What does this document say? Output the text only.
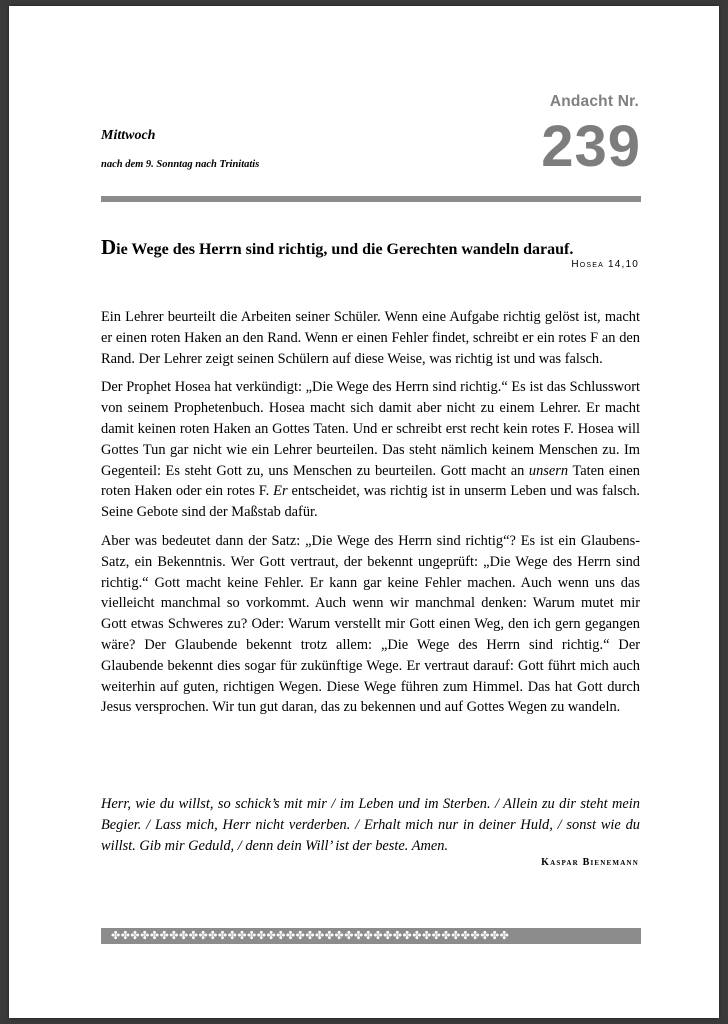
Andacht Nr.
239
Mittwoch
nach dem 9. Sonntag nach Trinitatis
Die Wege des Herrn sind richtig, und die Gerechten wandeln darauf.
Hosea 14,10

Ein Lehrer beurteilt die Arbeiten seiner Schüler. Wenn eine Aufgabe richtig gelöst ist, macht er einen roten Haken an den Rand. Wenn er einen Fehler findet, schreibt er ein rotes F an den Rand. Der Lehrer zeigt seinen Schülern auf diese Weise, was richtig ist und was falsch.

Der Prophet Hosea hat verkündigt: „Die Wege des Herrn sind richtig.“ Es ist das Schlusswort von seinem Prophetenbuch. Hosea macht sich damit aber nicht zu einem Lehrer. Er macht damit keinen roten Haken an Gottes Taten. Und er schreibt erst recht kein rotes F. Hosea will Gottes Tun gar nicht wie ein Lehrer beurteilen. Das steht nämlich keinem Menschen zu. Im Gegenteil: Es steht Gott zu, uns Menschen zu beurteilen. Gott macht an unsern Taten einen roten Haken oder ein rotes F. Er entscheidet, was richtig ist in unserm Leben und was falsch. Seine Gebote sind der Maßstab dafür.

Aber was bedeutet dann der Satz: „Die Wege des Herrn sind richtig“? Es ist ein Glaubens-Satz, ein Bekenntnis. Wer Gott vertraut, der bekennt ungeprüft: „Die Wege des Herrn sind richtig.“ Gott macht keine Fehler. Er kann gar keine Fehler machen. Auch wenn uns das vielleicht manchmal so vorkommt. Auch wenn wir manchmal denken: Warum mutet mir Gott etwas Schweres zu? Oder: Warum verstellt mir Gott einen Weg, den ich gern gegangen wäre? Der Glaubende bekennt trotz allem: „Die Wege des Herrn sind richtig.“ Der Glaubende bekennt dies sogar für zukünftige Wege. Er vertraut darauf: Gott führt mich auch weiterhin auf guten, richtigen Wegen. Diese Wege führen zum Himmel. Das hat Gott durch Jesus versprochen. Wir tun gut daran, das zu bekennen und auf Gottes Wegen zu wandeln.

Herr, wie du willst, so schick’s mit mir / im Leben und im Sterben. / Allein zu dir steht mein Begier. / Lass mich, Herr nicht verderben. / Erhalt mich nur in deiner Huld, / sonst wie du willst. Gib mir Geduld, / denn dein Will’ ist der beste. Amen.
Kaspar Bienemann
✤✤✤✤✤✤✤✤✤✤✤✤✤✤✤✤✤✤✤✤✤✤✤✤✤✤✤✤✤✤✤✤✤✤✤✤✤✤✤✤✤
